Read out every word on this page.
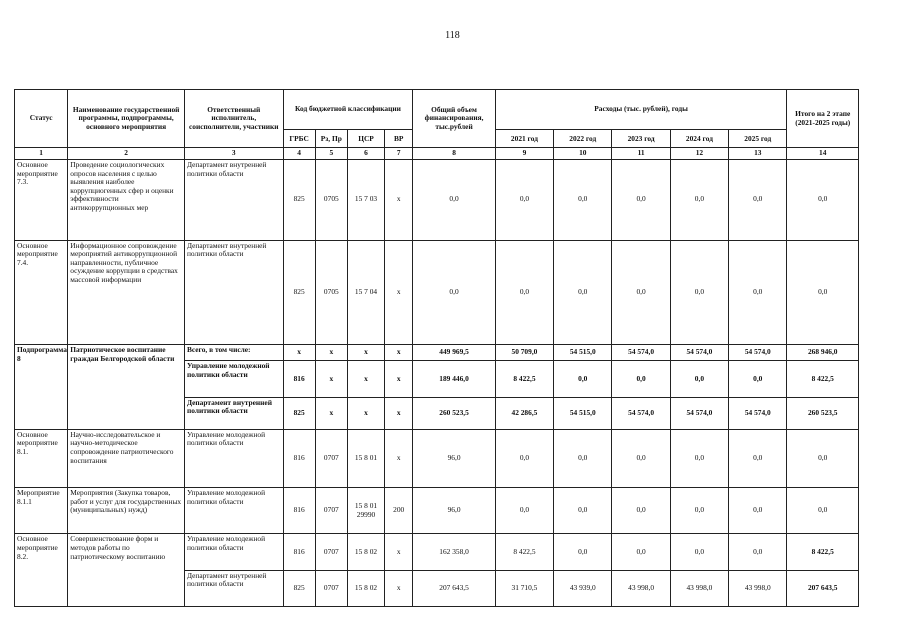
118
Статус	Наименование государственной программы, подпрограммы, основного мероприятия	Ответственный исполнитель, соисполнители, участники	Код бюджетной классификации				Общий объем финансирования, тыс.рублей	Расходы (тыс. рублей), годы					Итого на 2 этапе (2021-2025 годы)
			ГРБС	Рз, Пр	ЦСР	ВР		2021 год	2022 год	2023 год	2024 год	2025 год	
1	2	3	4	5	6	7	8	9	10	11	12	13	14
Основное мероприятие 7.3.	Проведение социологических опросов населения с целью выявления наиболее коррупциогенных сфер и оценки эффективности антикоррупционных мер	Департамент внутренней политики области	825	0705	15 7 03	х	0,0	0,0	0,0	0,0	0,0	0,0	0,0
Основное мероприятие 7.4.	Информационное сопровождение мероприятий антикоррупционной направленности, публичное осуждение коррупции в средствах массовой информации	Департамент внутренней политики области	825	0705	15 7 04	х	0,0	0,0	0,0	0,0	0,0	0,0	0,0
Подпрограмма 8	Патриотическое воспитание граждан Белгородской области	Всего, в том числе:	х	х	х	х	449 969,5	50 709,0	54 515,0	54 574,0	54 574,0	54 574,0	268 946,0
		Управление молодежной политики области	816	х	х	х	189 446,0	8 422,5	0,0	0,0	0,0	0,0	8 422,5
		Департамент внутренней политики области	825	х	х	х	260 523,5	42 286,5	54 515,0	54 574,0	54 574,0	54 574,0	260 523,5
Основное мероприятие 8.1.	Научно-исследовательское и научно-методическое сопровождение патриотического воспитания	Управление молодежной политики области	816	0707	15 8 01	х	96,0	0,0	0,0	0,0	0,0	0,0	0,0
Мероприятие 8.1.1	Мероприятия (Закупка товаров, работ и услуг для государственных (муниципальных) нужд)	Управление молодежной политики области	816	0707	15 8 01 29990	200	96,0	0,0	0,0	0,0	0,0	0,0	0,0
Основное мероприятие 8.2.	Совершенствование форм и методов работы по патриотическому воспитанию	Управление молодежной политики области	816	0707	15 8 02	х	162 358,0	8 422,5	0,0	0,0	0,0	0,0	8 422,5
		Департамент внутренней политики области	825	0707	15 8 02	х	207 643,5	31 710,5	43 939,0	43 998,0	43 998,0	43 998,0	207 643,5
